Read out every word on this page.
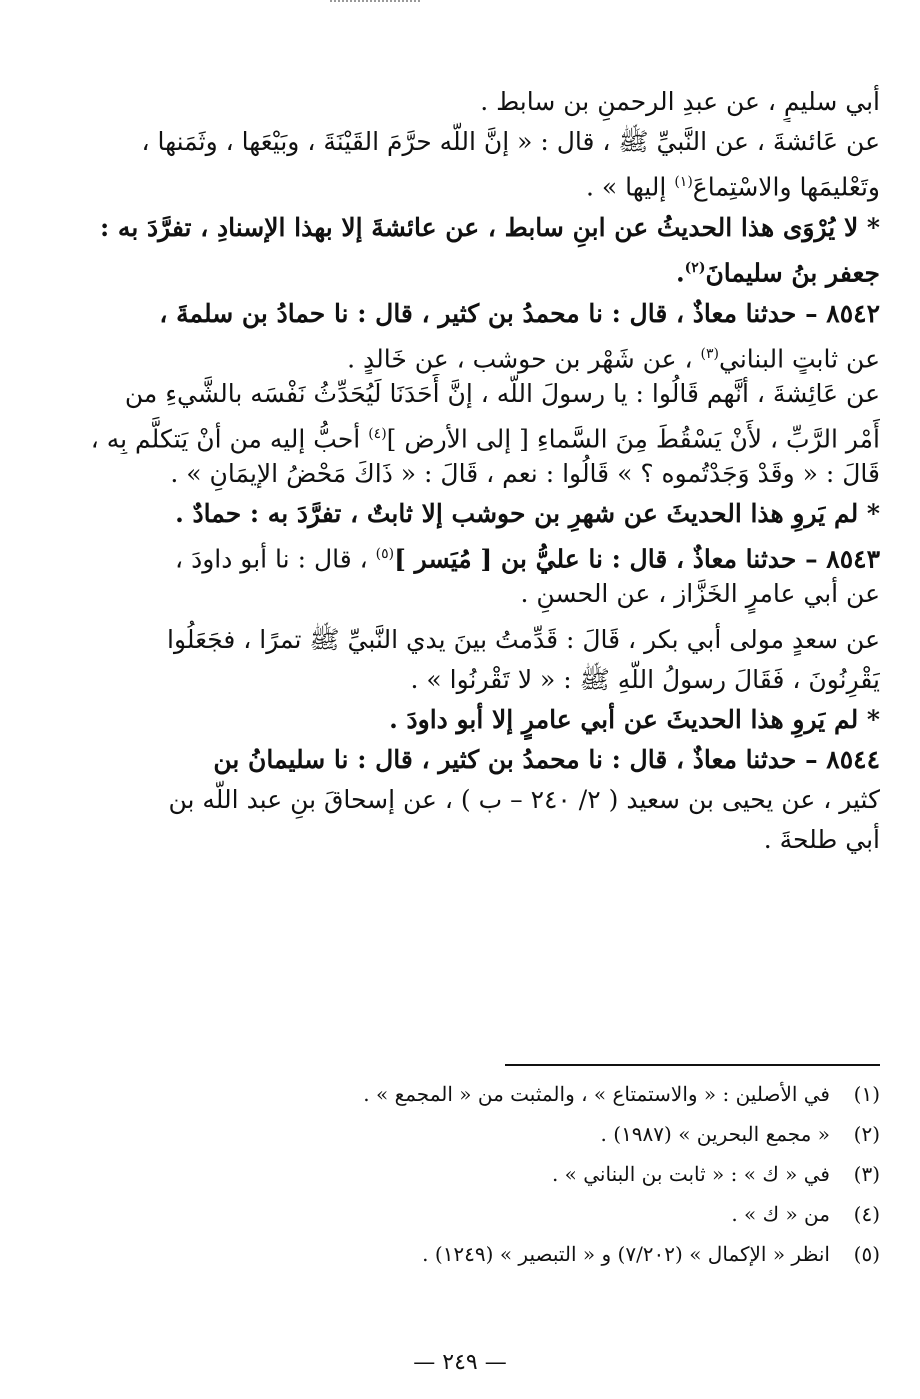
أبي سليمٍ ، عن عبدِ الرحمنِ بن سابط .
عن عَائشةَ ، عن النَّبيِّ ﷺ ، قال : « إنَّ اللَّه حرَّمَ القَيْنَةَ ، وبَيْعَها ، وثَمَنها ،
وتَعْليمَها والاسْتِماعَ$^{(١)}$ إليها » .
* لا يُرْوَى هذا الحديثُ عن ابنِ سابط ، عن عائشةَ إلا بهذا الإسنادِ ، تفرَّدَ به :
جعفر بنُ سليمانَ$^{(٢)}$.
٨٥٤٢ – حدثنا معاذٌ ، قال : نا محمدُ بن كثير ، قال : نا حمادُ بن سلمةَ ،
عن ثابتٍ البناني$^{(٣)}$ ، عن شَهْر بن حوشب ، عن خَالدٍ .
عن عَائِشةَ ، أنَّهم قَالُوا : يا رسولَ اللَّه ، إنَّ أَحَدَنَا لَيُحَدِّثُ نَفْسَه بالشَّيءِ من
أَمْرِ الرَّبِّ ، لأَنْ يَسْقُطَ مِنَ السَّماءِ [ إلى الأرض ]$^{(٤)}$ أحبُّ إليه من أنْ يَتكلَّم بِه ،
قَالَ : « وقَدْ وَجَدْتُموه ؟ » قَالُوا : نعم ، قَالَ : « ذَاكَ مَحْضُ الإيمَانِ » .
* لم يَروِ هذا الحديثَ عن شهرِ بن حوشب إلا ثابتٌ ، تفرَّدَ به : حمادٌ .
٨٥٤٣ – حدثنا معاذٌ ، قال : نا عليُّ بن [ مُيَسر ]$^{(٥)}$ ، قال : نا أبو داودَ ،
عن أبي عامرٍ الخَزَّاز ، عن الحسنِ .
عن سعدٍ مولى أبي بكر ، قَالَ : قَدِّمتُ بينَ يدي النَّبيِّ ﷺ تمرًا ، فجَعَلُوا
يَقْرِنُونَ ، فَقَالَ رسولُ اللَّهِ ﷺ : « لا تَقْرنُوا » .
* لم يَروِ هذا الحديثَ عن أبي عامرٍ إلا أبو داودَ .
٨٥٤٤ – حدثنا معاذٌ ، قال : نا محمدُ بن كثير ، قال : نا سليمانُ بن
كثير ، عن يحيى بن سعيد ( ٢/ ٢٤٠ – ب ) ، عن إسحاقَ بنِ عبد اللَّه بن
أبي طلحةَ .
(١)في الأصلين : « والاستمتاع » ، والمثبت من « المجمع » .
(٢)« مجمع البحرين » (١٩٨٧) .
(٣)في « ك » : « ثابت بن البناني » .
(٤)من « ك » .
(٥)انظر « الإكمال » (٧/٢٠٢) و « التبصير » (١٢٤٩) .
— ٢٤٩ —
